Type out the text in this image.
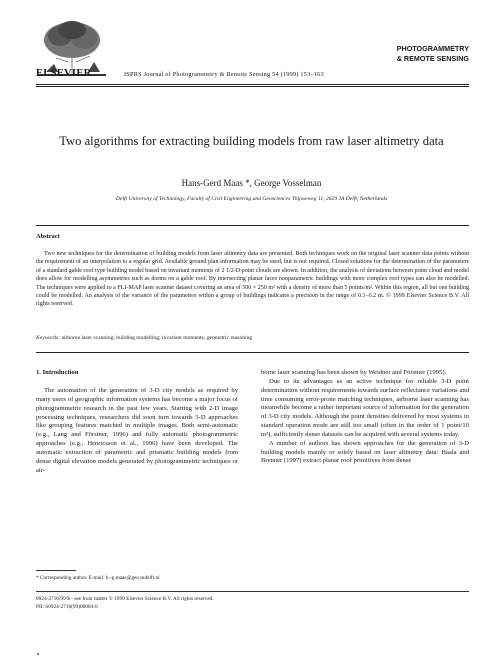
ELSEVIER	ISPRS Journal of Photogrammetry & Remote Sensing 54 (1999) 153–163
PHOTOGRAMMETRY
& REMOTE SENSING
Two algorithms for extracting building models from raw laser altimetry data
Hans-Gerd Maas *, George Vosselman
Delft University of Technology, Faculty of Civil Engineering and Geosciences Thijsseweg 11, 2629 JA Delft, Netherlands
Abstract
Two new techniques for the determination of building models from laser altimetry data are presented. Both techniques work on the original laser scanner data points without the requirement of an interpolation to a regular grid. Available ground plan information may be used, but is not required. Closed solutions for the determination of the parameters of a standard gable roof type building model based on invariant moments of 2 1/2-D point clouds are shown. In addition, the analysis of deviations between point cloud and model does allow for modelling asymmetries such as dorms on a gable roof. By intersecting planar faces nonparametric buildings with more complex roof types can also be modelled. The techniques were applied to a FLI-MAP laser scanner dataset covering an area of 500 × 250 m² with a density of more than 5 points/m². Within this region, all but one building could be modelled. An analysis of the variance of the parameters within a group of buildings indicates a precision in the range of 0.1–0.2 m. © 1999 Elsevier Science B.V. All rights reserved.
Keywords: airborne laser scanning; building modelling; invariant moments; geometric reasoning
1. Introduction

The automation of the generation of 3-D city models as required by many users of geographic information systems has become a major focus of photogrammetric research in the past few years. Starting with 2-D image processing techniques, researchers did soon turn towards 3-D approaches like grouping features matched in multiple images. Both semi-automatic (e.g., Lang and Förstner, 1996) and fully automatic photogrammetric approaches (e.g., Henricsson et al., 1996) have been developed. The automatic extraction of parametric and prismatic building models from dense digital elevation models generated by photogrammetric techniques or air-

borne laser scanning has been shown by Weidner and Förstner (1995).

Due to its advantages as an active technique for reliable 3-D point determination without requirements towards surface reflectance variations and time consuming error-prone matching techniques, airborne laser scanning has meanwhile become a rather important source of information for the generation of 3-D city models. Although the point densities delivered by most systems in standard operation mode are still too small (often in the order of 1 point/10 m²), sufficiently dense datasets can be acquired with several systems today.

A number of authors has shown approaches for the generation of 3-D building models mainly or solely based on laser altimetry data: Haala and Brenner (1997) extract planar roof primitives from dense

* Corresponding author. E-mail: h.-g.maas@geo.tudelft.nl
0924-2716/99/$ - see front matter © 1999 Elsevier Science B.V. All rights reserved.
PII: S0924-2716(99)00004-0
